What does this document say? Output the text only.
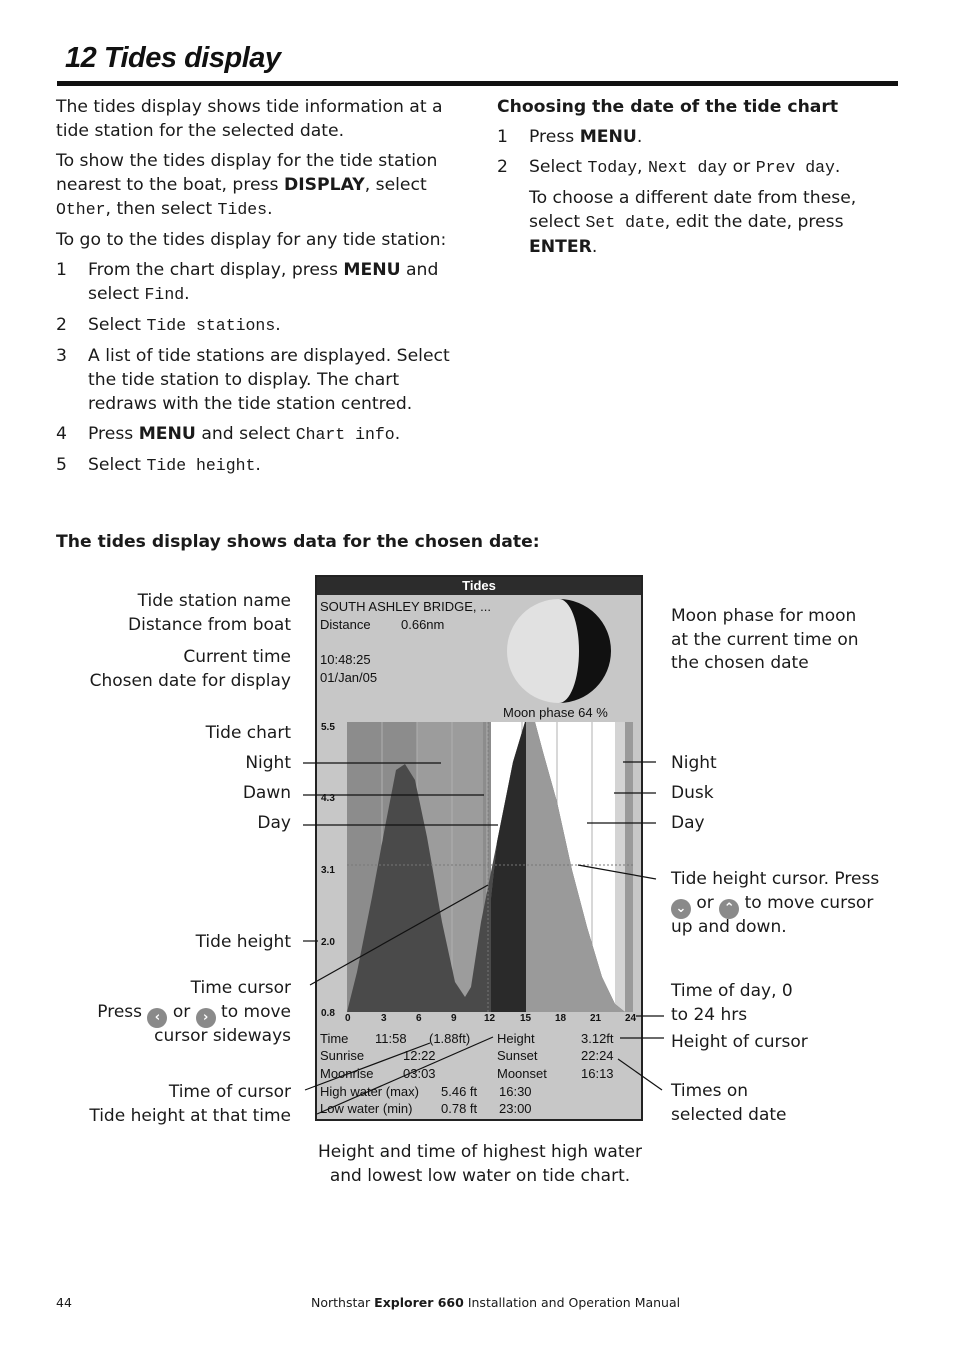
12 Tides display
The tides display shows tide information at a tide station for the selected date.
To show the tides display for the tide station nearest to the boat, press DISPLAY, select Other, then select Tides.
To go to the tides display for any tide station:
1 From the chart display, press MENU and select Find.
2 Select Tide stations.
3 A list of tide stations are displayed. Select the tide station to display. The chart redraws with the tide station centred.
4 Press MENU and select Chart info.
5 Select Tide height.
Choosing the date of the tide chart
1 Press MENU.
2 Select Today, Next day or Prev day.
To choose a different date from these, select Set date, edit the date, press ENTER.
The tides display shows data for the chosen date:
Tide station name
Distance from boat
Current time
Chosen date for display
Tide chart
Night
Dawn
Day
Tide height
Time cursor
Press ‹ or › to move
cursor sideways
Time of cursor
Tide height at that time
Moon phase for moon
at the current time on
the chosen date
Night
Dusk
Day
Tide height cursor. Press
⌄ or ⌃ to move cursor
up and down.
Time of day, 0
to 24 hrs
Height of cursor
Times on
selected date
Tides
SOUTH ASHLEY BRIDGE, ...
Distance 0.66nm
10:48:25
01/Jan/05
Moon phase 64 %
5.5
4.3
3.1
2.0
0.8 0	3	6	9	12 15 18 21 24
Time 11:58 (1.88ft) Height	3.12ft
Sunrise	12:22	Sunset	22:24
Moonrise 03:03	Moonset	16:13
High water (max) 5.46 ft 16:30
Low water (min) 0.78 ft 23:00
Height and time of highest high water
and lowest low water on tide chart.
44	Northstar Explorer 660 Installation and Operation Manual
